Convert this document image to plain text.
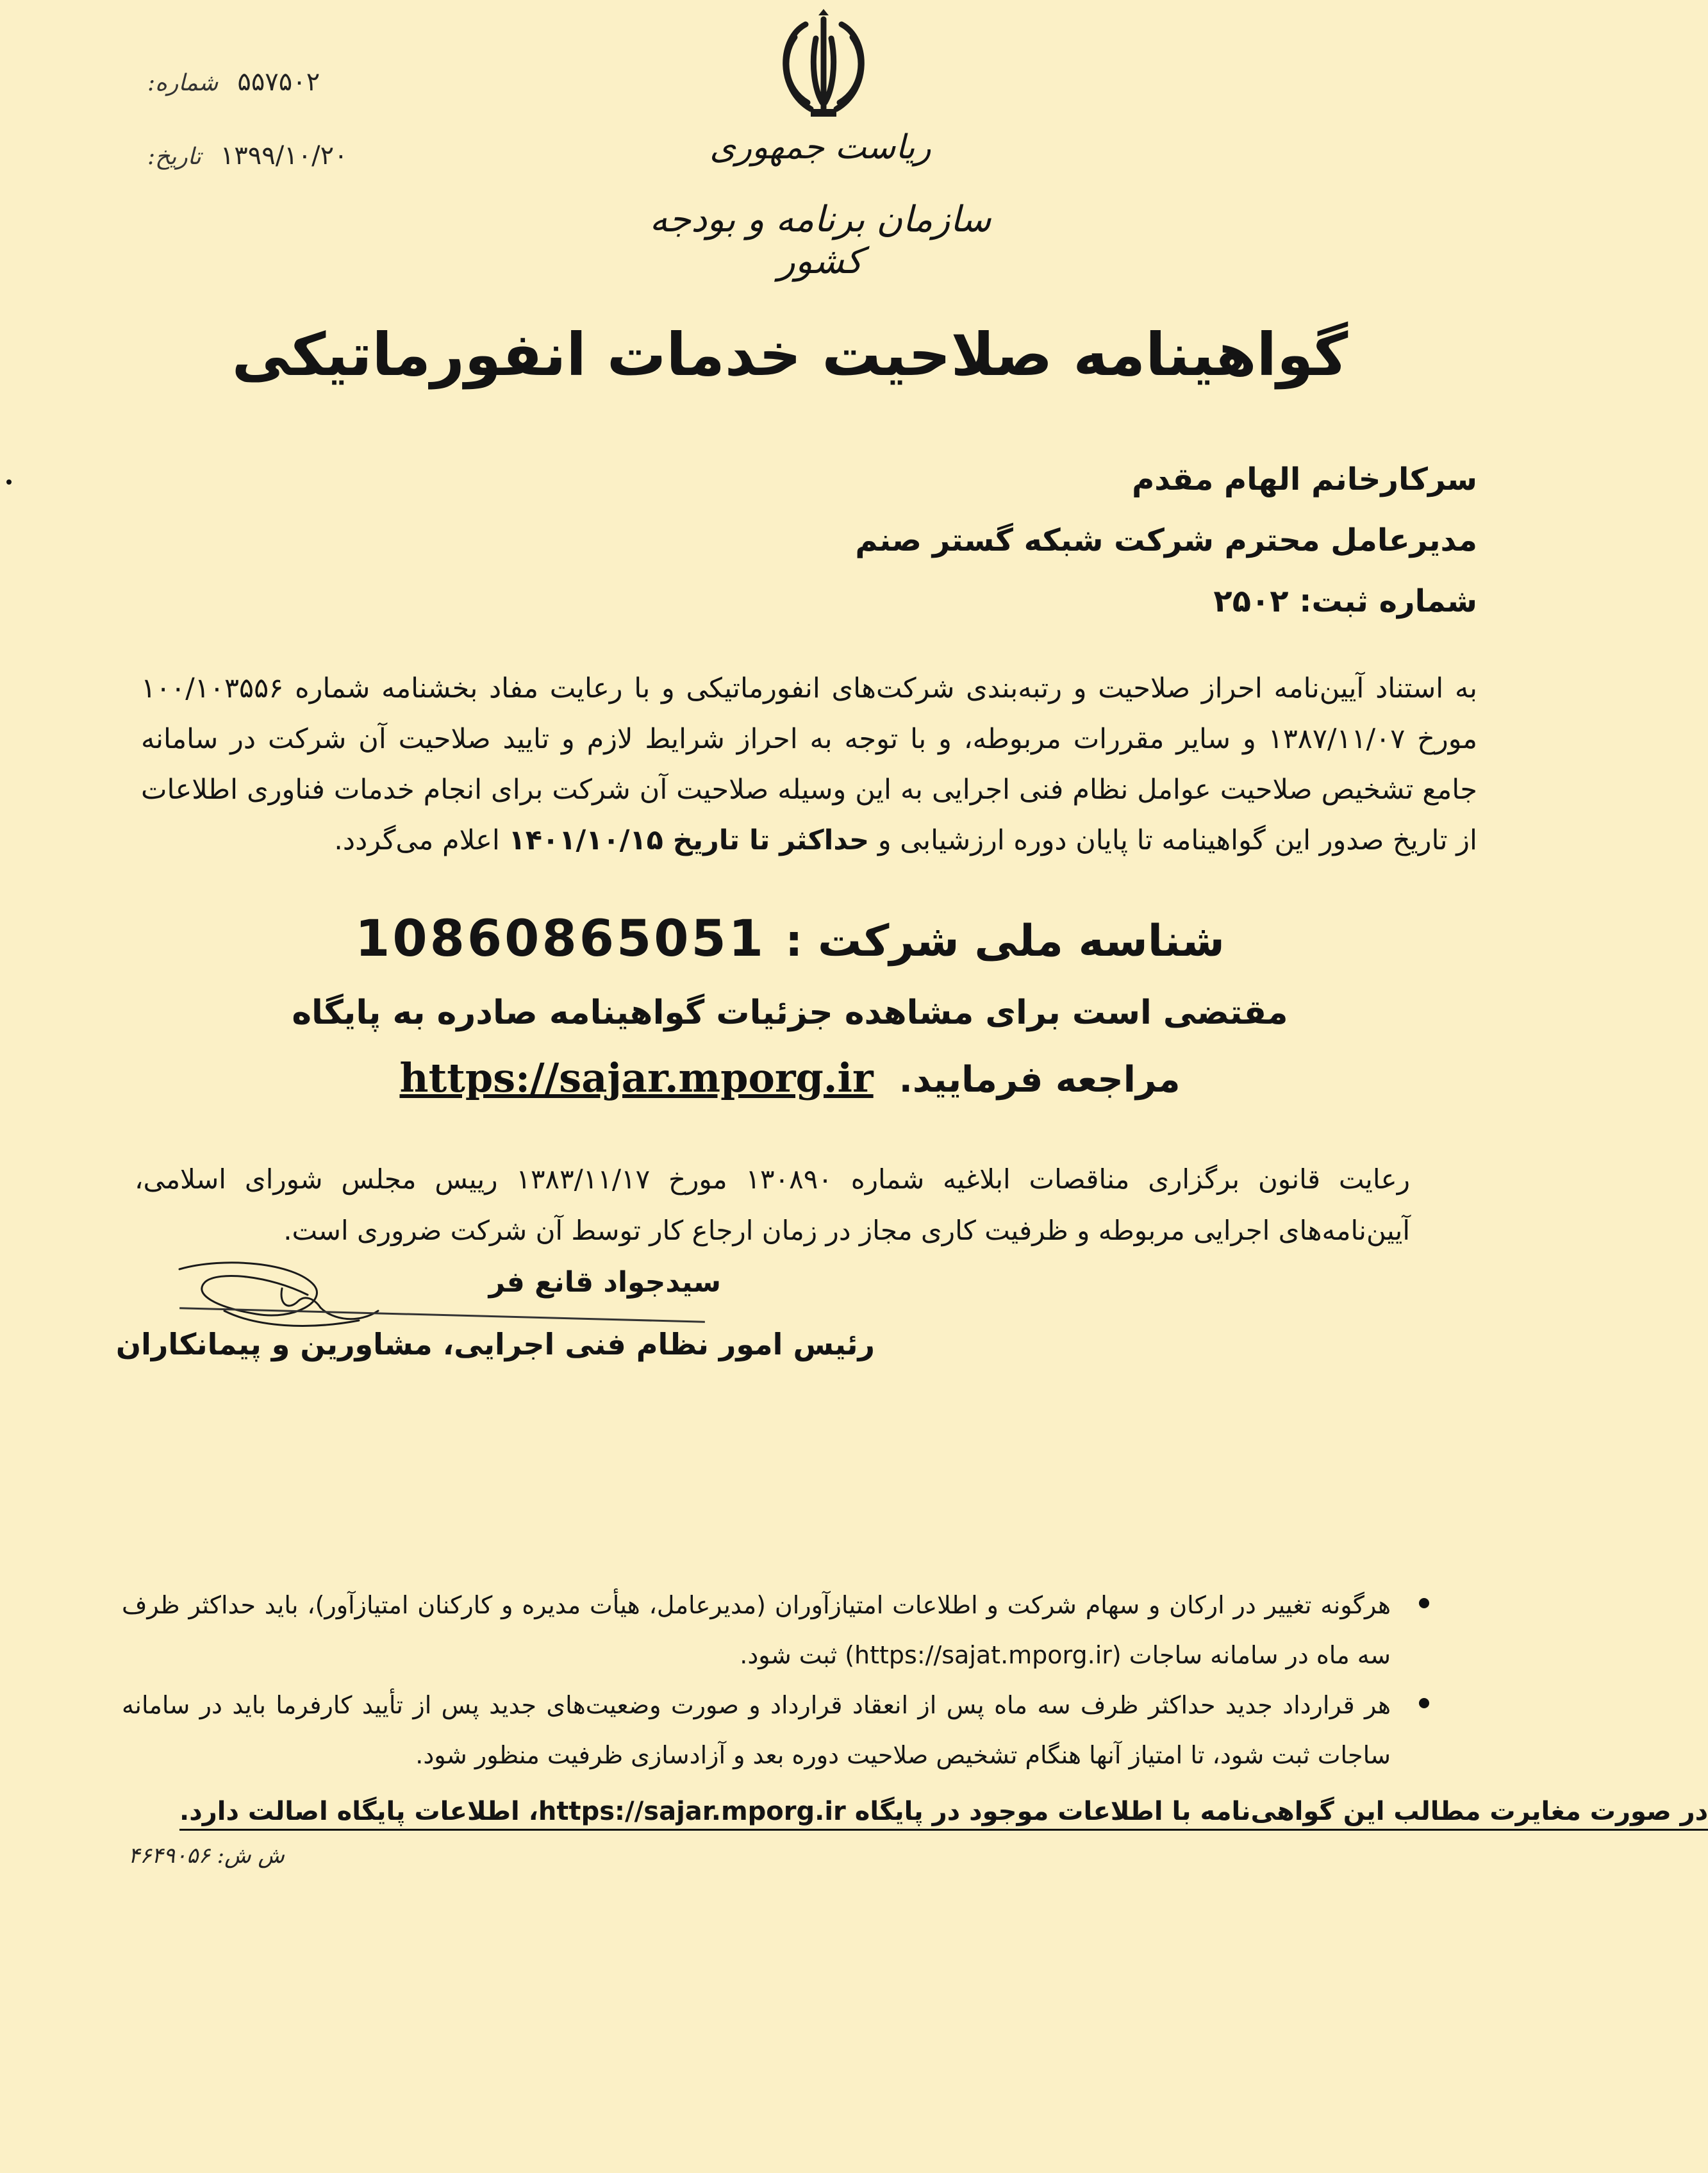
شماره: ۵۵۷۵۰۲
تاریخ: ۱۳۹۹/۱۰/۲۰	ریاست جمهوری
سازمان برنامه و بودجه کشور
گواهینامه صلاحیت خدمات انفورماتیکی
سرکارخانم الهام مقدم
مدیرعامل محترم شرکت شبکه گستر صنم
شماره ثبت: ۲۵۰۲
به استناد آیین‌نامه احراز صلاحیت و رتبه‌بندی شرکت‌های انفورماتیکی و با رعایت مفاد بخشنامه شماره ۱۰۰/۱۰۳۵۵۶ مورخ ۱۳۸۷/۱۱/۰۷ و سایر مقررات مربوطه، و با توجه به احراز شرایط لازم و تایید صلاحیت آن شرکت در سامانه جامع تشخیص صلاحیت عوامل نظام فنی اجرایی به این وسیله صلاحیت آن شرکت برای انجام خدمات فناوری اطلاعات از تاریخ صدور این گواهینامه تا پایان دوره ارزشیابی و حداکثر تا تاریخ ۱۴۰۱/۱۰/۱۵ اعلام می‌گردد.
شناسه ملی شرکت :
10860865051
مقتضی است برای مشاهده جزئیات گواهینامه صادره به پایگاه
مراجعه فرمایید.
https://sajar.mporg.ir
رعایت قانون برگزاری مناقصات ابلاغیه شماره ۱۳۰۸۹۰ مورخ ۱۳۸۳/۱۱/۱۷ رییس مجلس شورای اسلامی، آیین‌نامه‌های اجرایی مربوطه و ظرفیت کاری مجاز در زمان ارجاع کار توسط آن شرکت ضروری است.
سیدجواد قانع فر
رئیس امور نظام فنی اجرایی، مشاورین و پیمانکاران
هرگونه تغییر در ارکان و سهام شرکت و اطلاعات امتیازآوران (مدیرعامل، هیأت مدیره و کارکنان امتیازآور)، باید حداکثر ظرف سه ماه در سامانه ساجات (https://sajat.mporg.ir) ثبت شود.
هر قرارداد جدید حداکثر ظرف سه ماه پس از انعقاد قرارداد و صورت وضعیت‌های جدید پس از تأیید کارفرما باید در سامانه ساجات ثبت شود، تا امتیاز آنها هنگام تشخیص صلاحیت دوره بعد و آزادسازی ظرفیت منظور شود.
در صورت مغایرت مطالب این گواهی‌نامه با اطلاعات موجود در پایگاه https://sajar.mporg.ir، اطلاعات پایگاه اصالت دارد.
ش ش: ۴۶۴۹۰۵۶
